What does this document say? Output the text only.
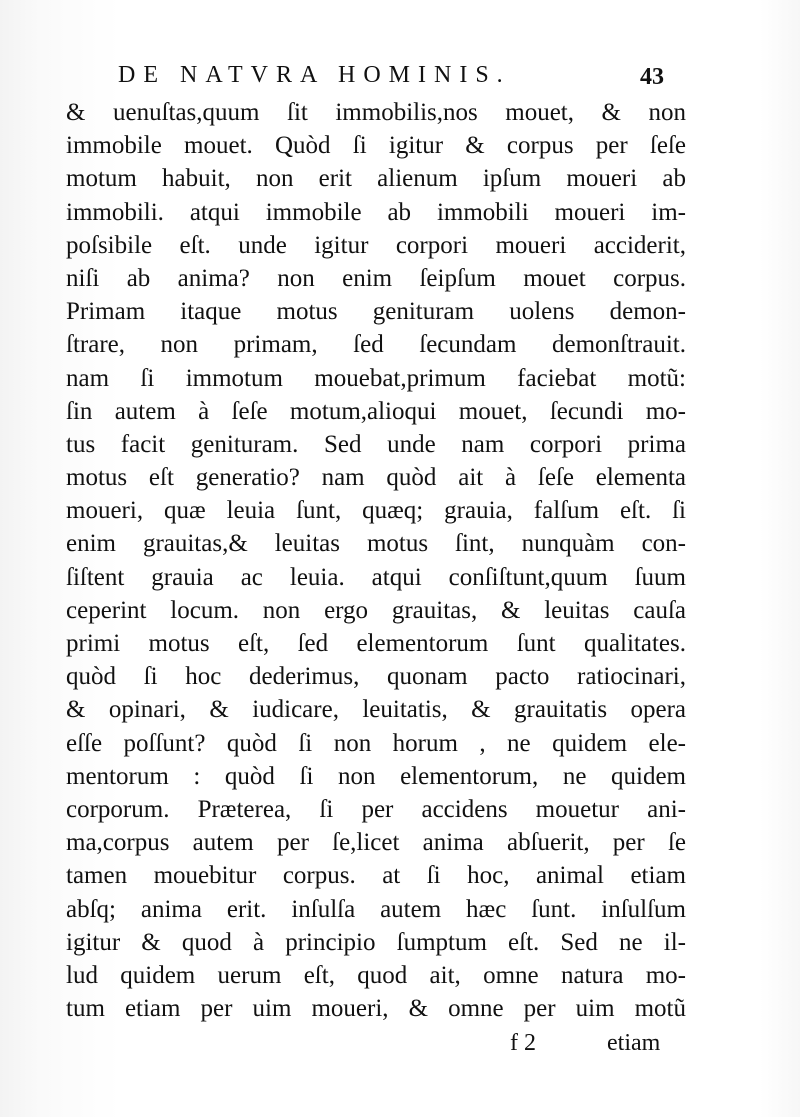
DE NATVRA HOMINIS.	43
& uenuſtas,quum ſit immobilis,nos mouet, & non
immobile mouet. Quòd ſi igitur & corpus per ſeſe
motum habuit, non erit alienum ipſum moueri ab
immobili. atqui immobile ab immobili moueri im-
poſsibile eſt. unde igitur corpori moueri acciderit,
niſi ab anima? non enim ſeipſum mouet corpus.
Primam itaque motus genituram uolens demon-
ſtrare, non primam, ſed ſecundam demonſtrauit.
nam ſi immotum mouebat,primum faciebat motũ:
ſin autem à ſeſe motum,alioqui mouet, ſecundi mo-
tus facit genituram. Sed unde nam corpori prima
motus eſt generatio? nam quòd ait à ſeſe elementa
moueri, quæ leuia ſunt, quæq; grauia, falſum eſt. ſi
enim grauitas,& leuitas motus ſint, nunquàm con-
ſiſtent grauia ac leuia. atqui conſiſtunt,quum ſuum
ceperint locum. non ergo grauitas, & leuitas cauſa
primi motus eſt, ſed elementorum ſunt qualitates.
quòd ſi hoc dederimus, quonam pacto ratiocinari,
& opinari, & iudicare, leuitatis, & grauitatis opera
eſſe poſſunt? quòd ſi non horum , ne quidem ele-
mentorum : quòd ſi non elementorum, ne quidem
corporum. Præterea, ſi per accidens mouetur ani-
ma,corpus autem per ſe,licet anima abſuerit, per ſe
tamen mouebitur corpus. at ſi hoc, animal etiam
abſq; anima erit. inſulſa autem hæc ſunt. inſulſum
igitur & quod à principio ſumptum eſt. Sed ne il-
lud quidem uerum eſt, quod ait, omne natura mo-
tum etiam per uim moueri, & omne per uim motũ
f 2	etiam
